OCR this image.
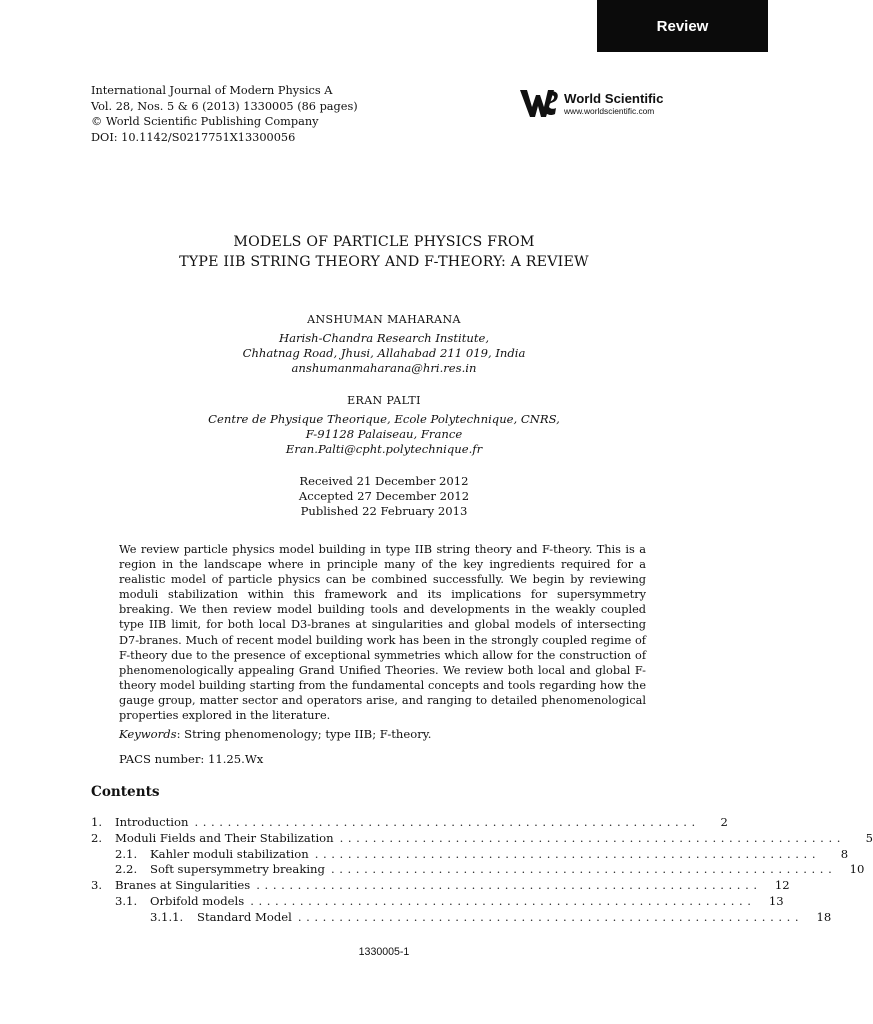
Review
International Journal of Modern Physics A
Vol. 28, Nos. 5 & 6 (2013) 1330005 (86 pages)
© World Scientific Publishing Company
DOI: 10.1142/S0217751X13300056
World Scientific
www.worldscientific.com
MODELS OF PARTICLE PHYSICS FROM
TYPE IIB STRING THEORY AND F-THEORY: A REVIEW
ANSHUMAN MAHARANA
Harish-Chandra Research Institute,
Chhatnag Road, Jhusi, Allahabad 211 019, India
anshumanmaharana@hri.res.in
ERAN PALTI
Centre de Physique Theorique, Ecole Polytechnique, CNRS,
F-91128 Palaiseau, France
Eran.Palti@cpht.polytechnique.fr
Received 21 December 2012
Accepted 27 December 2012
Published 22 February 2013

We review particle physics model building in type IIB string theory and F-theory. This is a region in the landscape where in principle many of the key ingredients required for a realistic model of particle physics can be combined successfully. We begin by reviewing moduli stabilization within this framework and its implications for supersymmetry breaking. We then review model building tools and developments in the weakly coupled type IIB limit, for both local D3-branes at singularities and global models of intersecting D7-branes. Much of recent model building work has been in the strongly coupled regime of F-theory due to the presence of exceptional symmetries which allow for the construction of phenomenologically appealing Grand Unified Theories. We review both local and global F-theory model building starting from the fundamental concepts and tools regarding how the gauge group, matter sector and operators arise, and ranging to detailed phenomenological properties explored in the literature.

Keywords: String phenomenology; type IIB; F-theory.
PACS number: 11.25.Wx
Contents
1.	Introduction .............................................................	2
2.	Moduli Fields and Their Stabilization .............................................................	5
2.1.	Kahler moduli stabilization .............................................................	8
2.2.	Soft supersymmetry breaking .............................................................	10
3.	Branes at Singularities .............................................................	12
3.1.	Orbifold models .............................................................	13
3.1.1.	Standard Model .............................................................	18
1330005-1
